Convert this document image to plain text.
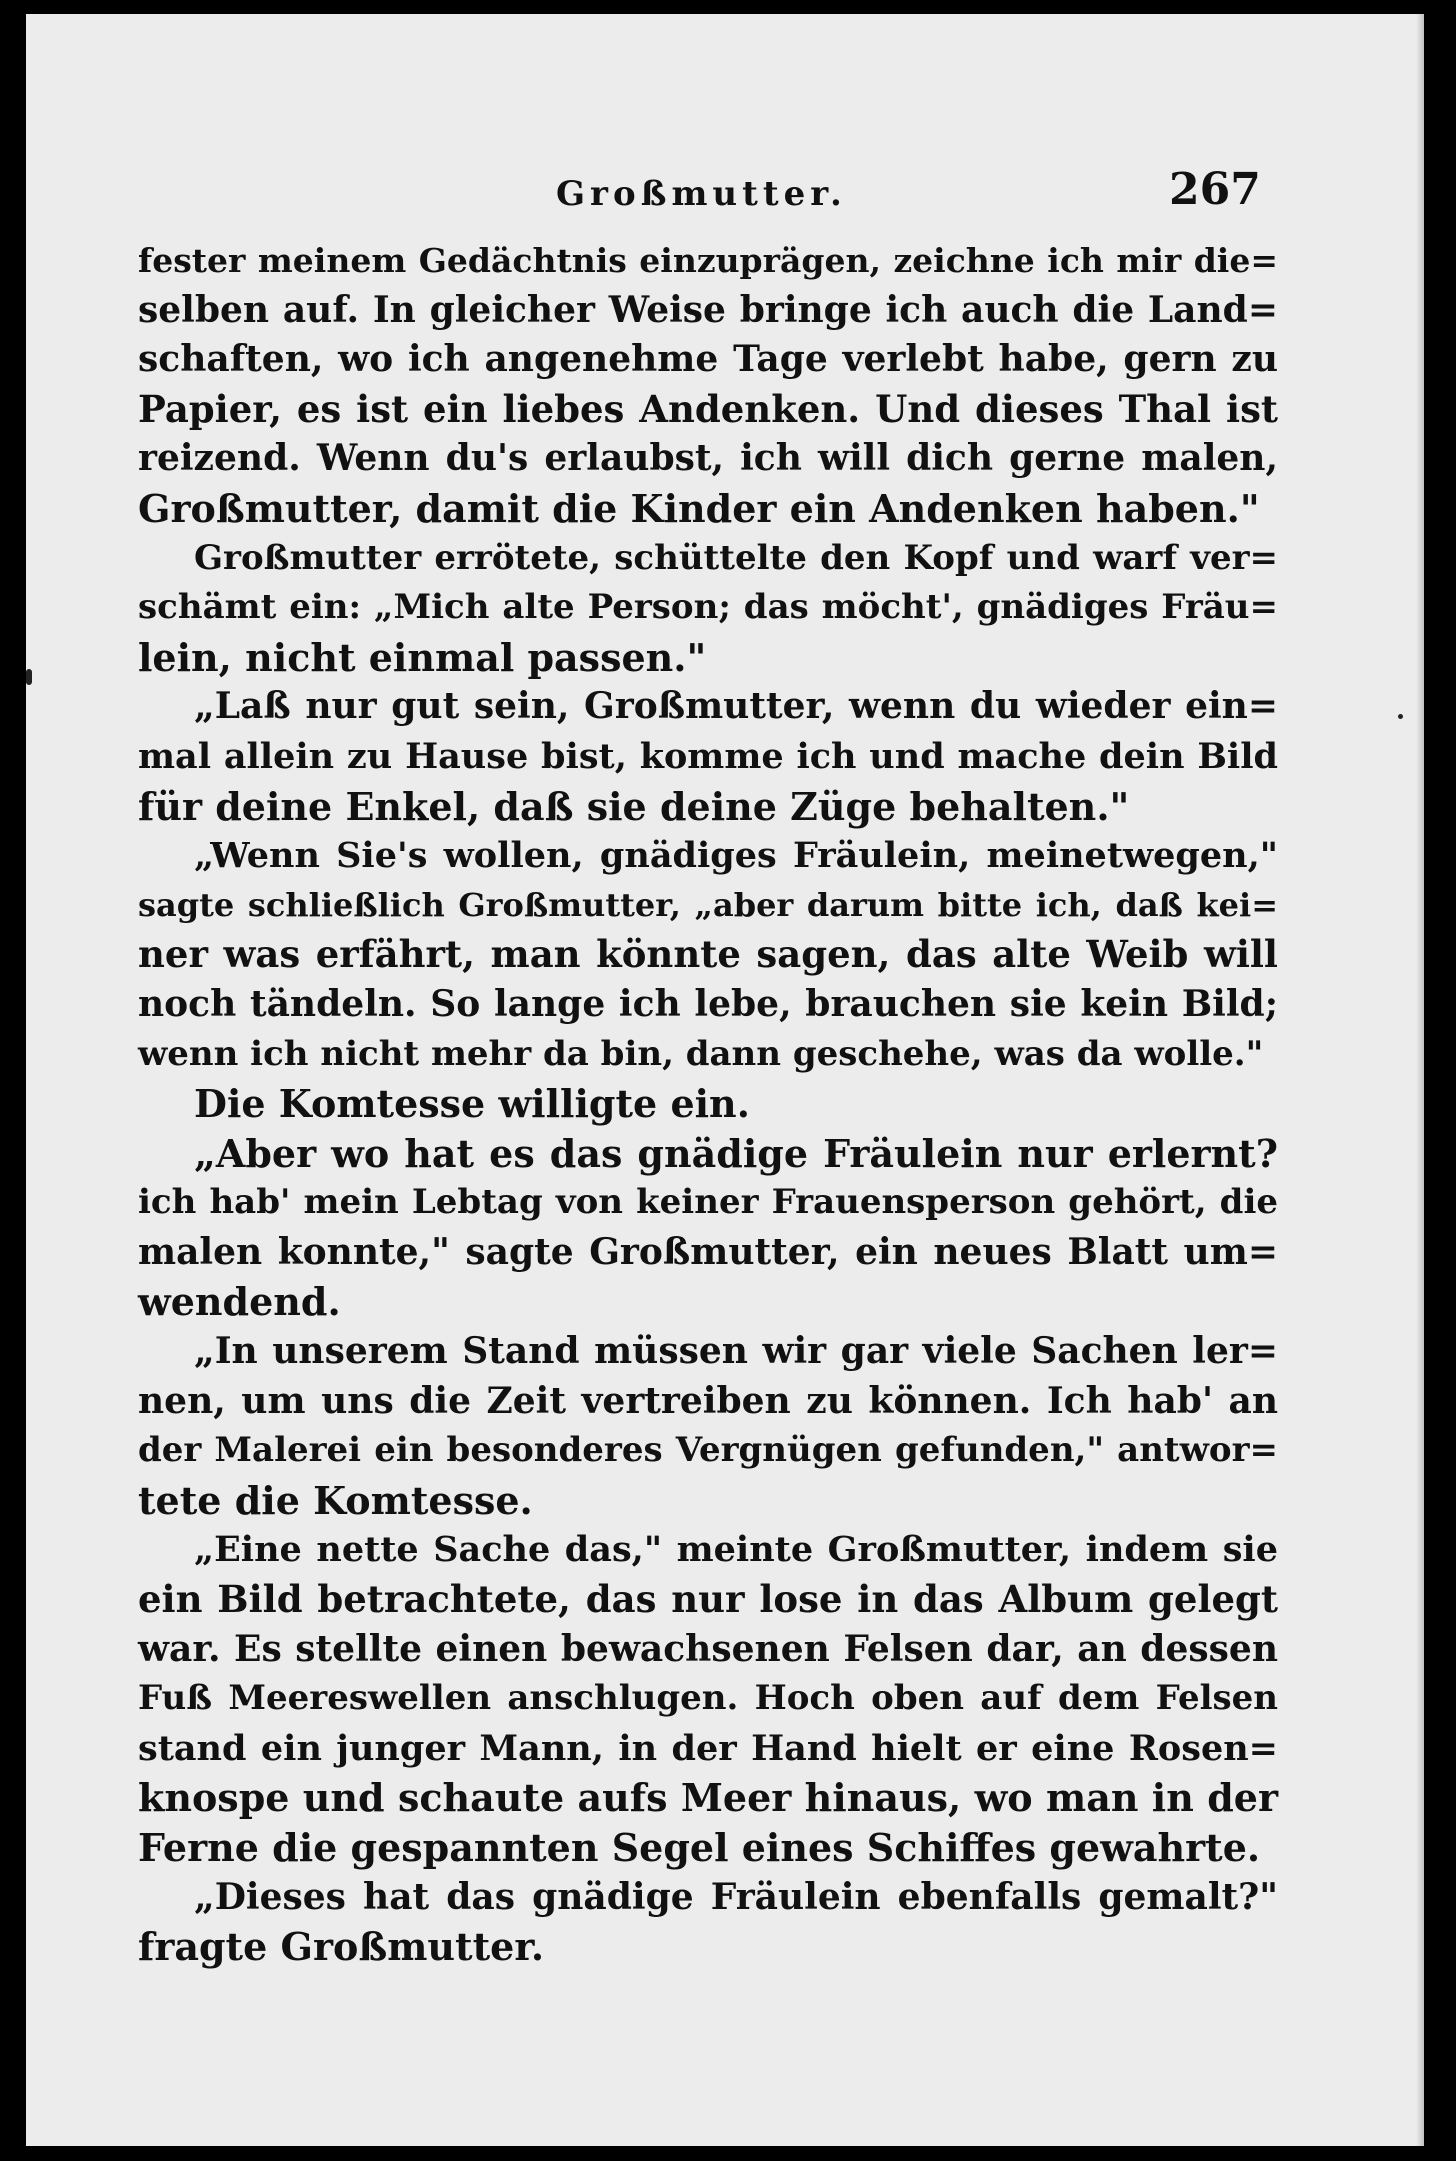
Großmutter.	267
fester meinem Gedächtnis einzuprägen, zeichne ich mir die=
selben auf. In gleicher Weise bringe ich auch die Land=
schaften, wo ich angenehme Tage verlebt habe, gern zu
Papier, es ist ein liebes Andenken. Und dieses Thal ist
reizend. Wenn du's erlaubst, ich will dich gerne malen,
Großmutter, damit die Kinder ein Andenken haben."
Großmutter errötete, schüttelte den Kopf und warf ver=
schämt ein: „Mich alte Person; das möcht', gnädiges Fräu=
lein, nicht einmal passen."
„Laß nur gut sein, Großmutter, wenn du wieder ein=
mal allein zu Hause bist, komme ich und mache dein Bild
für deine Enkel, daß sie deine Züge behalten."
„Wenn Sie's wollen, gnädiges Fräulein, meinetwegen,"
sagte schließlich Großmutter, „aber darum bitte ich, daß kei=
ner was erfährt, man könnte sagen, das alte Weib will
noch tändeln. So lange ich lebe, brauchen sie kein Bild;
wenn ich nicht mehr da bin, dann geschehe, was da wolle."
Die Komtesse willigte ein.
„Aber wo hat es das gnädige Fräulein nur erlernt?
ich hab' mein Lebtag von keiner Frauensperson gehört, die
malen konnte," sagte Großmutter, ein neues Blatt um=
wendend.
„In unserem Stand müssen wir gar viele Sachen ler=
nen, um uns die Zeit vertreiben zu können. Ich hab' an
der Malerei ein besonderes Vergnügen gefunden," antwor=
tete die Komtesse.
„Eine nette Sache das," meinte Großmutter, indem sie
ein Bild betrachtete, das nur lose in das Album gelegt
war. Es stellte einen bewachsenen Felsen dar, an dessen
Fuß Meereswellen anschlugen. Hoch oben auf dem Felsen
stand ein junger Mann, in der Hand hielt er eine Rosen=
knospe und schaute aufs Meer hinaus, wo man in der
Ferne die gespannten Segel eines Schiffes gewahrte.
„Dieses hat das gnädige Fräulein ebenfalls gemalt?"
fragte Großmutter.
